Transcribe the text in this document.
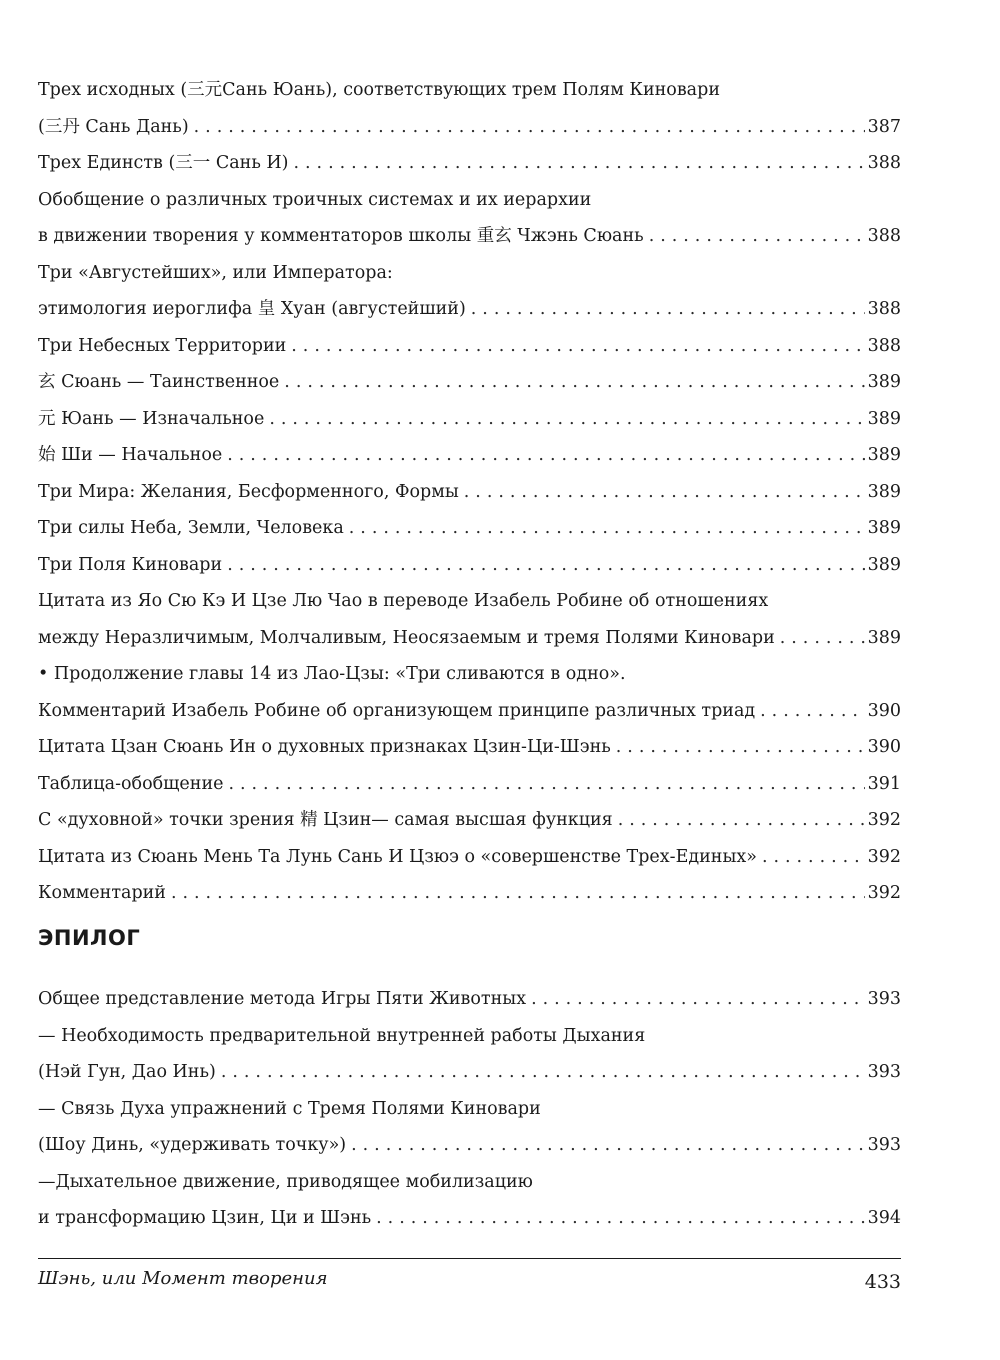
Трех исходных (三元Сань Юань), соответствующих трем Полям Киновари
(三丹 Сань Дань) . . .	387
Трех Единств (三一 Сань И) . . .	388
Обобщение о различных троичных системах и их иерархии
в движении творения у комментаторов школы 重玄 Чжэнь Сюань . . .	388
Три «Августейших», или Императора:
этимология иероглифа 皇 Хуан (августейший) . . .	388
Три Небесных Территории . . .	388
玄 Сюань — Таинственное . . .	389
元 Юань — Изначальное . . .	389
始 Ши — Начальное . . .	389
Три Мира: Желания, Бесформенного, Формы . . .	389
Три силы Неба, Земли, Человека . . .	389
Три Поля Киновари . . .	389
Цитата из Яо Сю Кэ И Цзе Лю Чао в переводе Изабель Робине об отношениях
между Неразличимым, Молчаливым, Неосязаемым и тремя Полями Киновари . . .	389
• Продолжение главы 14 из Лао-Цзы: «Три сливаются в одно».
Комментарий Изабель Робине об организующем принципе различных триад . . .	390
Цитата Цзан Сюань Ин о духовных признаках Цзин-Ци-Шэнь . . .	390
Таблица-обобщение . . .	391
С «духовной» точки зрения 精 Цзин— самая высшая функция . . .	392
Цитата из Сюань Мень Та Лунь Сань И Цзюэ о «совершенстве Трех-Единых» . . .	392
Комментарий . . .	392
ЭПИЛОГ
Общее представление метода Игры Пяти Животных . . .	393
— Необходимость предварительной внутренней работы Дыхания
(Нэй Гун, Дао Инь) . . .	393
— Связь Духа упражнений с Тремя Полями Киновари
(Шоу Динь, «удерживать точку») . . .	393
—Дыхательное движение, приводящее мобилизацию
и трансформацию Цзин, Ци и Шэнь . . .	394
Шэнь, или Момент творения	433
